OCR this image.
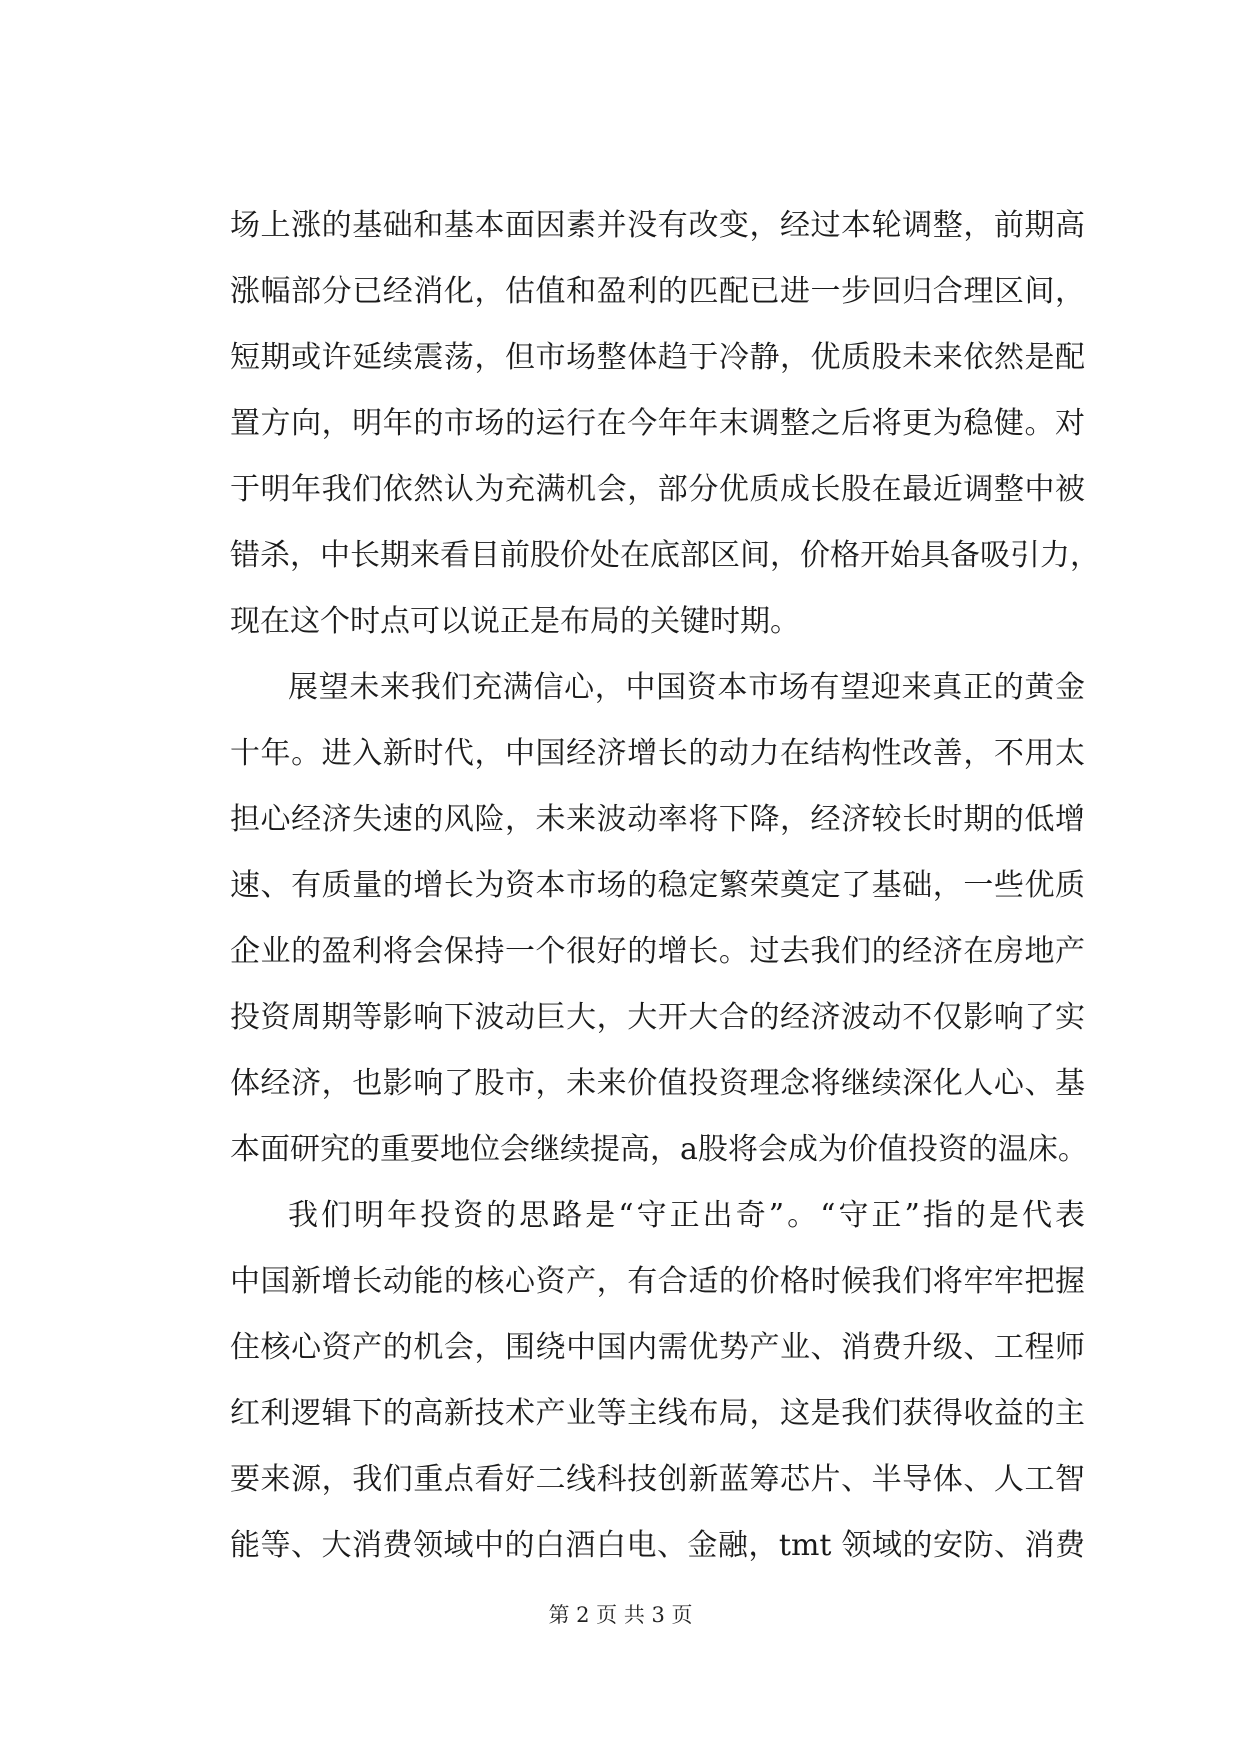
场上涨的基础和基本面因素并没有改变，经过本轮调整，前期高
涨幅部分已经消化，估值和盈利的匹配已进一步回归合理区间，
短期或许延续震荡，但市场整体趋于冷静，优质股未来依然是配
置方向，明年的市场的运行在今年年末调整之后将更为稳健。对
于明年我们依然认为充满机会，部分优质成长股在最近调整中被
错杀，中长期来看目前股价处在底部区间，价格开始具备吸引力，
现在这个时点可以说正是布局的关键时期。
展望未来我们充满信心，中国资本市场有望迎来真正的黄金
十年。进入新时代，中国经济增长的动力在结构性改善，不用太
担心经济失速的风险，未来波动率将下降，经济较长时期的低增
速、有质量的增长为资本市场的稳定繁荣奠定了基础，一些优质
企业的盈利将会保持一个很好的增长。过去我们的经济在房地产
投资周期等影响下波动巨大，大开大合的经济波动不仅影响了实
体经济，也影响了股市，未来价值投资理念将继续深化人心、基
本面研究的重要地位会继续提高，a股将会成为价值投资的温床。
我们明年投资的思路是“守正出奇”。“守正”指的是代表
中国新增长动能的核心资产，有合适的价格时候我们将牢牢把握
住核心资产的机会，围绕中国内需优势产业、消费升级、工程师
红利逻辑下的高新技术产业等主线布局，这是我们获得收益的主
要来源，我们重点看好二线科技创新蓝筹芯片、半导体、人工智
能等、大消费领域中的白酒白电、金融，tmt 领域的安防、消费
第 2 页 共 3 页
